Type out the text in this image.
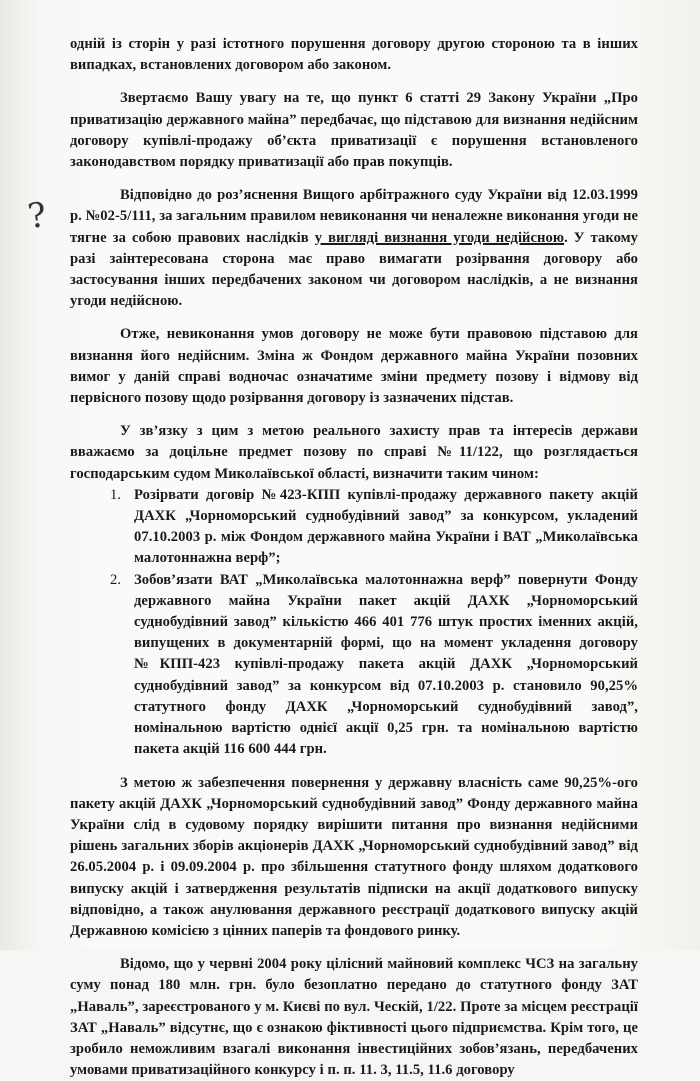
?

одній із сторін у разі істотного порушення договору другою стороною та в інших випадках, встановлених договором або законом.

Звертаємо Вашу увагу на те, що пункт 6 статті 29 Закону України „Про приватизацію державного майна” передбачає, що підставою для визнання недійсним договору купівлі-продажу об’єкта приватизації є порушення встановленого законодавством порядку приватизації або прав покупців.

Відповідно до роз’яснення Вищого арбітражного суду України від 12.03.1999 р. №02-5/111, за загальним правилом невиконання чи неналежне виконання угоди не тягне за собою правових наслідків у вигляді визнання угоди недійсною. У такому разі заінтересована сторона має право вимагати розірвання договору або застосування інших передбачених законом чи договором наслідків, а не визнання угоди недійсною.

Отже, невиконання умов договору не може бути правовою підставою для визнання його недійсним. Зміна ж Фондом державного майна України позовних вимог у даній справі водночас означатиме зміни предмету позову і відмову від первісного позову щодо розірвання договору із зазначених підстав.

У зв’язку з цим з метою реального захисту прав та інтересів держави вважаємо за доцільне предмет позову по справі №11/122, що розглядається господарським судом Миколаївської області, визначити таким чином:

1. Розірвати договір №423-КПП купівлі-продажу державного пакету акцій ДАХК „Чорноморський суднобудівний завод” за конкурсом, укладений 07.10.2003 р. між Фондом державного майна України і ВАТ „Миколаївська малотоннажна верф”;
2. Зобов’язати ВАТ „Миколаївська малотоннажна верф” повернути Фонду державного майна України пакет акцій ДАХК „Чорноморський суднобудівний завод” кількістю 466 401 776 штук простих іменних акцій, випущених в документарній формі, що на момент укладення договору №КПП-423 купівлі-продажу пакета акцій ДАХК „Чорноморський суднобудівний завод” за конкурсом від 07.10.2003 р. становило 90,25% статутного фонду ДАХК „Чорноморський суднобудівний завод”, номінальною вартістю однієї акції 0,25 грн. та номінальною вартістю пакета акцій 116 600 444 грн.

З метою ж забезпечення повернення у державну власність саме 90,25%-ого пакету акцій ДАХК „Чорноморський суднобудівний завод” Фонду державного майна України слід в судовому порядку вирішити питання про визнання недійсними рішень загальних зборів акціонерів ДАХК „Чорноморський суднобудівний завод” від 26.05.2004 р. і 09.09.2004 р. про збільшення статутного фонду шляхом додаткового випуску акцій і затвердження результатів підписки на акції додаткового випуску відповідно, а також анулювання державного реєстрації додаткового випуску акцій Державною комісією з цінних паперів та фондового ринку.

Відомо, що у червні 2004 року цілісний майновий комплекс ЧСЗ на загальну суму понад 180 млн. грн. було безоплатно передано до статутного фонду ЗАТ „Наваль”, зареєстрованого у м. Києві по вул. Ческій, 1/22. Проте за місцем реєстрації ЗАТ „Наваль” відсутнє, що є ознакою фіктивності цього підприємства. Крім того, це зробило неможливим взагалі виконання інвестиційних зобов’язань, передбачених умовами приватизаційного конкурсу і п. п. 11. 3, 11.5, 11.6 договору
